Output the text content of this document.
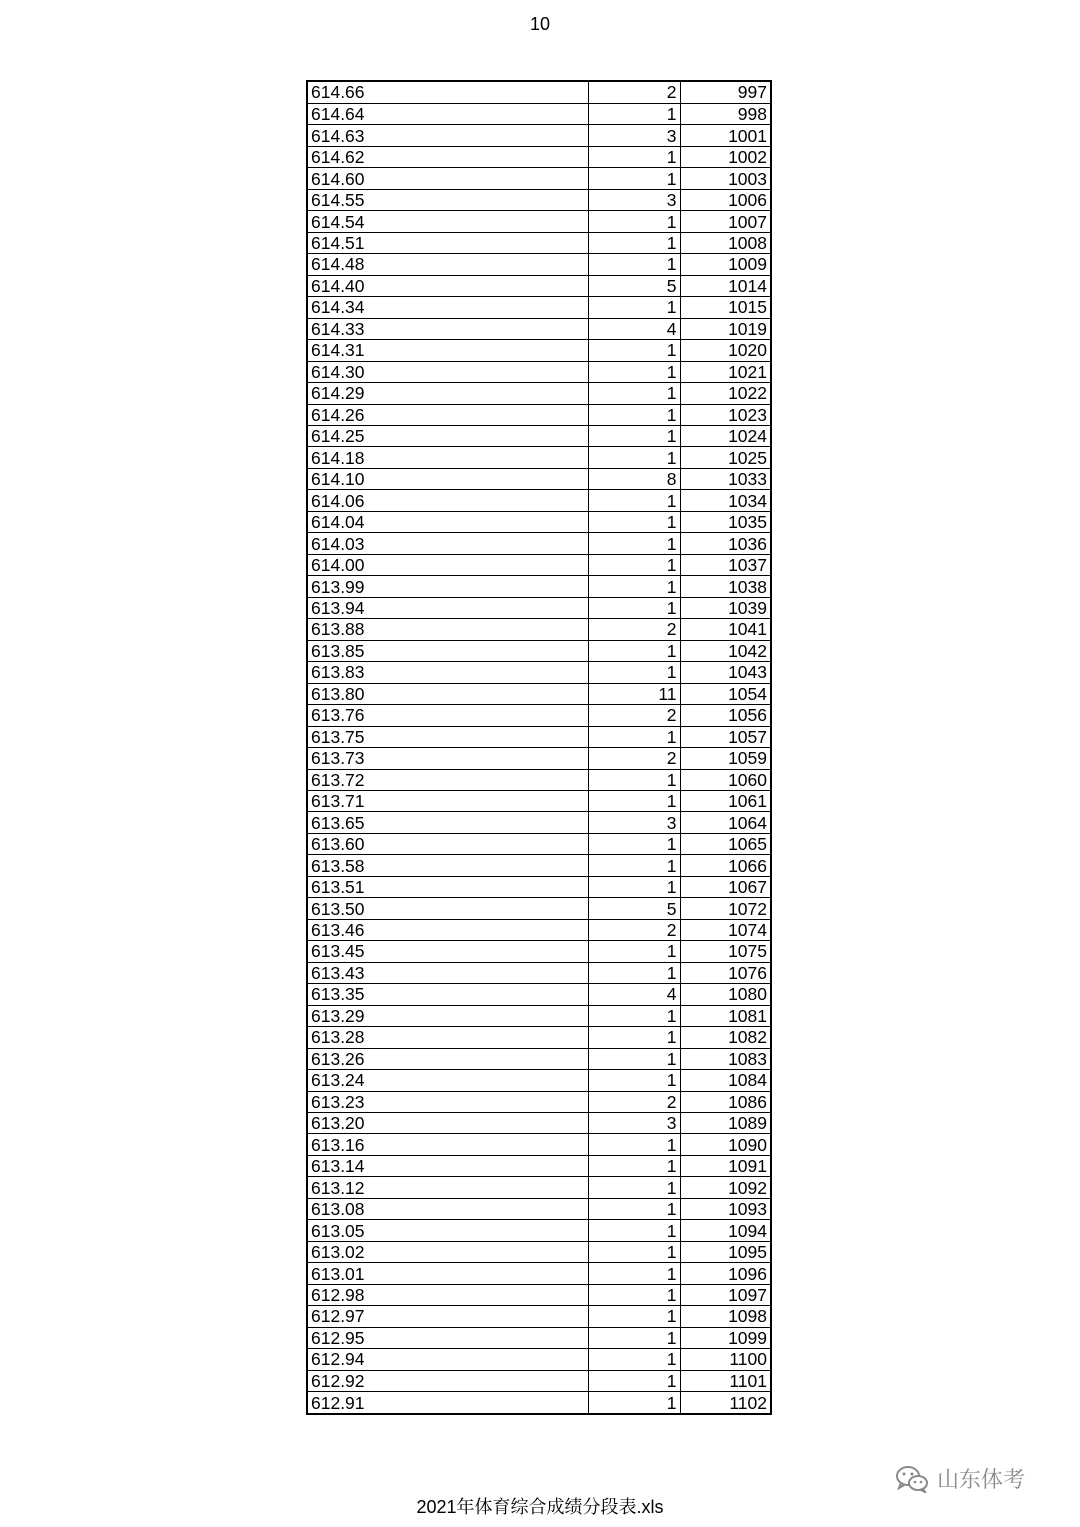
10
614.66	2	997
614.64	1	998
614.63	3	1001
614.62	1	1002
614.60	1	1003
614.55	3	1006
614.54	1	1007
614.51	1	1008
614.48	1	1009
614.40	5	1014
614.34	1	1015
614.33	4	1019
614.31	1	1020
614.30	1	1021
614.29	1	1022
614.26	1	1023
614.25	1	1024
614.18	1	1025
614.10	8	1033
614.06	1	1034
614.04	1	1035
614.03	1	1036
614.00	1	1037
613.99	1	1038
613.94	1	1039
613.88	2	1041
613.85	1	1042
613.83	1	1043
613.80	11	1054
613.76	2	1056
613.75	1	1057
613.73	2	1059
613.72	1	1060
613.71	1	1061
613.65	3	1064
613.60	1	1065
613.58	1	1066
613.51	1	1067
613.50	5	1072
613.46	2	1074
613.45	1	1075
613.43	1	1076
613.35	4	1080
613.29	1	1081
613.28	1	1082
613.26	1	1083
613.24	1	1084
613.23	2	1086
613.20	3	1089
613.16	1	1090
613.14	1	1091
613.12	1	1092
613.08	1	1093
613.05	1	1094
613.02	1	1095
613.01	1	1096
612.98	1	1097
612.97	1	1098
612.95	1	1099
612.94	1	1100
612.92	1	1101
612.91	1	1102
山东体考
2021年体育综合成绩分段表.xls
